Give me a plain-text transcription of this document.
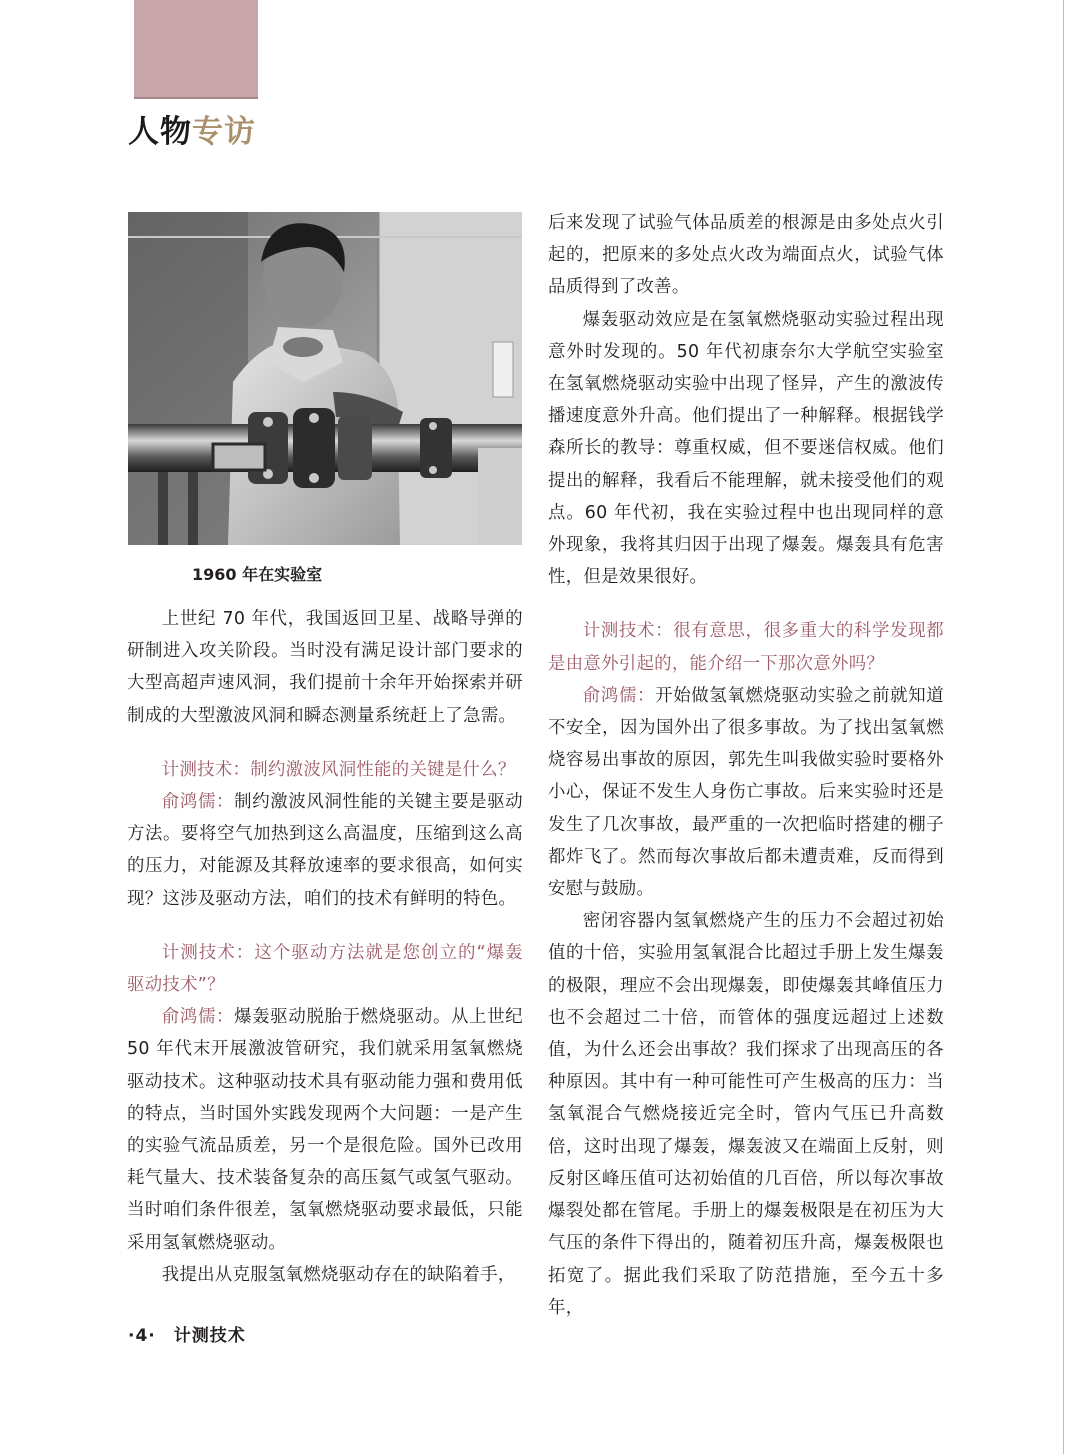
人物专访
1960 年在实验室

上世纪 70 年代，我国返回卫星、战略导弹的研制进入攻关阶段。当时没有满足设计部门要求的大型高超声速风洞，我们提前十余年开始探索并研制成的大型激波风洞和瞬态测量系统赶上了急需。

计测技术：制约激波风洞性能的关键是什么？

俞鸿儒：制约激波风洞性能的关键主要是驱动方法。要将空气加热到这么高温度，压缩到这么高的压力，对能源及其释放速率的要求很高，如何实现？这涉及驱动方法，咱们的技术有鲜明的特色。

计测技术：这个驱动方法就是您创立的“爆轰驱动技术”？

俞鸿儒：爆轰驱动脱胎于燃烧驱动。从上世纪 50 年代末开展激波管研究，我们就采用氢氧燃烧驱动技术。这种驱动技术具有驱动能力强和费用低的特点，当时国外实践发现两个大问题：一是产生的实验气流品质差，另一个是很危险。国外已改用耗气量大、技术装备复杂的高压氦气或氢气驱动。当时咱们条件很差，氢氧燃烧驱动要求最低，只能采用氢氧燃烧驱动。

我提出从克服氢氧燃烧驱动存在的缺陷着手，

后来发现了试验气体品质差的根源是由多处点火引起的，把原来的多处点火改为端面点火，试验气体品质得到了改善。

爆轰驱动效应是在氢氧燃烧驱动实验过程出现意外时发现的。50 年代初康奈尔大学航空实验室在氢氧燃烧驱动实验中出现了怪异，产生的激波传播速度意外升高。他们提出了一种解释。根据钱学森所长的教导：尊重权威，但不要迷信权威。他们提出的解释，我看后不能理解，就未接受他们的观点。60 年代初，我在实验过程中也出现同样的意外现象，我将其归因于出现了爆轰。爆轰具有危害性，但是效果很好。

计测技术：很有意思，很多重大的科学发现都是由意外引起的，能介绍一下那次意外吗？

俞鸿儒：开始做氢氧燃烧驱动实验之前就知道不安全，因为国外出了很多事故。为了找出氢氧燃烧容易出事故的原因，郭先生叫我做实验时要格外小心，保证不发生人身伤亡事故。后来实验时还是发生了几次事故，最严重的一次把临时搭建的棚子都炸飞了。然而每次事故后都未遭责难，反而得到安慰与鼓励。

密闭容器内氢氧燃烧产生的压力不会超过初始值的十倍，实验用氢氧混合比超过手册上发生爆轰的极限，理应不会出现爆轰，即使爆轰其峰值压力也不会超过二十倍，而管体的强度远超过上述数值，为什么还会出事故？我们探求了出现高压的各种原因。其中有一种可能性可产生极高的压力：当氢氧混合气燃烧接近完全时，管内气压已升高数倍，这时出现了爆轰，爆轰波又在端面上反射，则反射区峰压值可达初始值的几百倍，所以每次事故爆裂处都在管尾。手册上的爆轰极限是在初压为大气压的条件下得出的，随着初压升高，爆轰极限也拓宽了。据此我们采取了防范措施，至今五十多年，

·4· 计测技术
